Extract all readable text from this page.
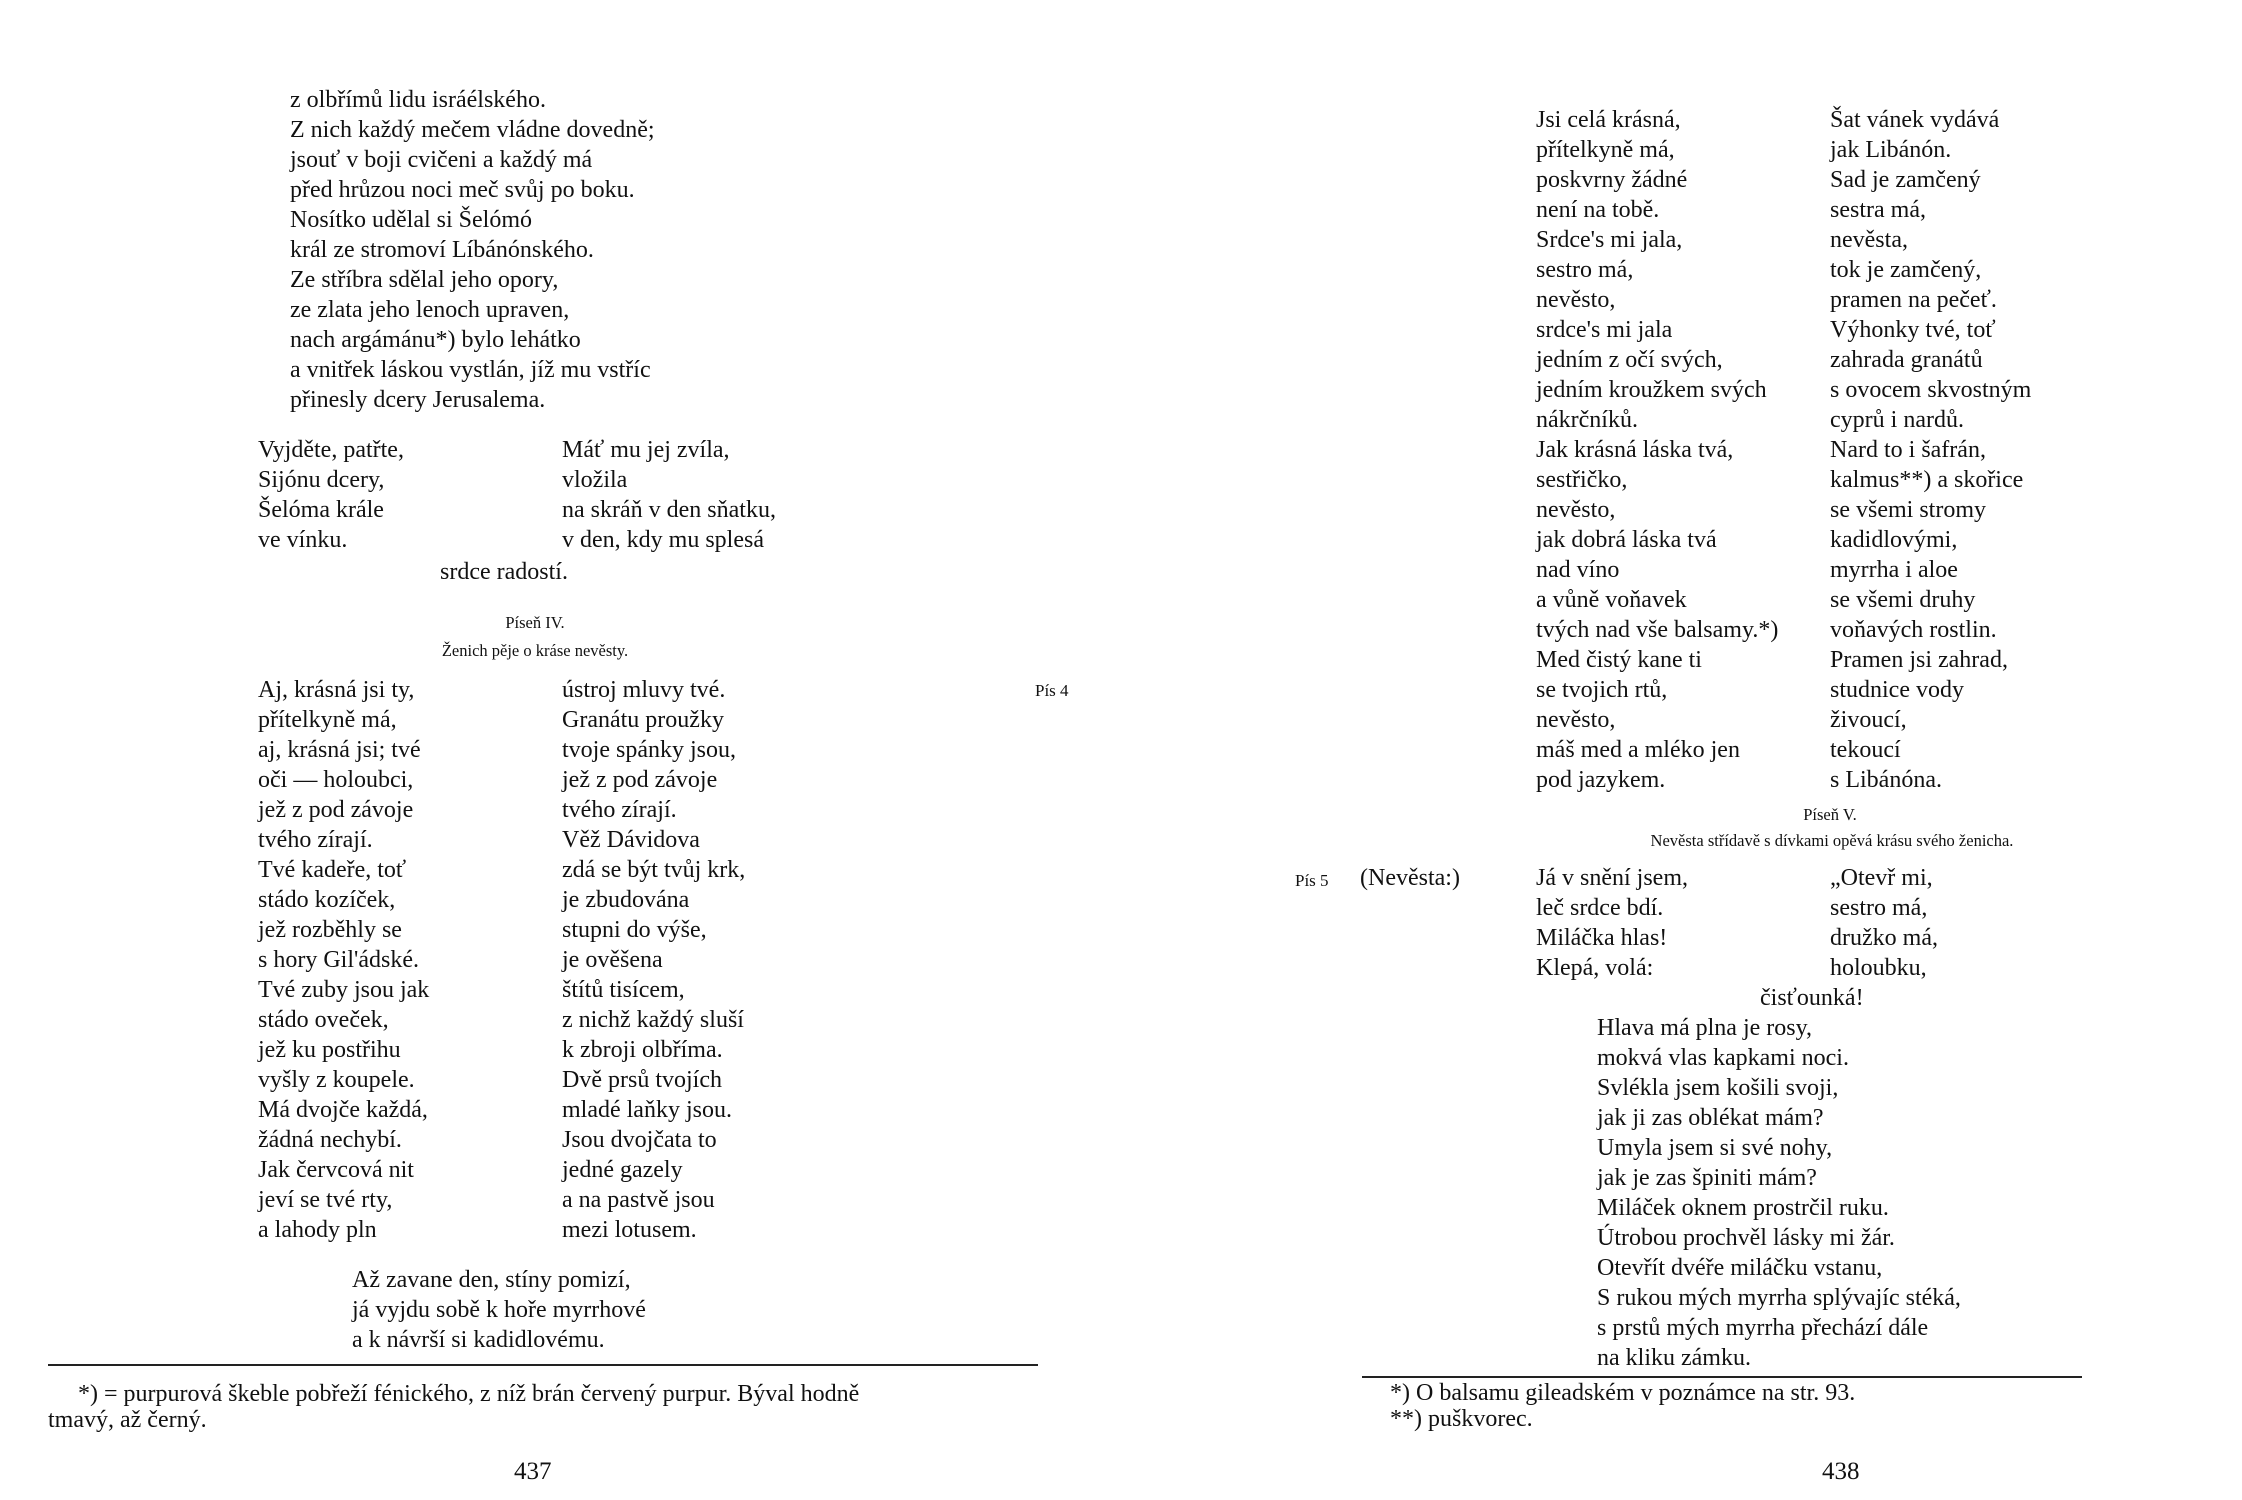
z olbřímů lidu isráélského.
Z nich každý mečem vládne dovedně;
jsouť v boji cvičeni a každý má
před hrůzou noci meč svůj po boku.
Nosítko udělal si Šelómó
král ze stromoví Líbánónského.
Ze stříbra sdělal jeho opory,
ze zlata jeho lenoch upraven,
nach argámánu*) bylo lehátko
a vnitřek láskou vystlán, jíž mu vstříc
přinesly dcery Jerusalema.
Vyjděte, patřte,
Sijónu dcery,
Šelóma krále
ve vínku.
Máť mu jej zvíla,
vložila
na skráň v den sňatku,
v den, kdy mu splesá
srdce radostí.
Píseň IV.
Ženich pěje o kráse nevěsty.
Pís 4
Aj, krásná jsi ty,
přítelkyně má,
aj, krásná jsi; tvé
oči — holoubci,
jež z pod závoje
tvého zírají.
Tvé kadeře, toť
stádo kozíček,
jež rozběhly se
s hory Gil'ádské.
Tvé zuby jsou jak
stádo oveček,
jež ku postřihu
vyšly z koupele.
Má dvojče každá,
žádná nechybí.
Jak červcová nit
jeví se tvé rty,
a lahody pln
ústroj mluvy tvé.
Granátu proužky
tvoje spánky jsou,
jež z pod závoje
tvého zírají.
Věž Dávidova
zdá se být tvůj krk,
je zbudována
stupni do výše,
je ověšena
štítů tisícem,
z nichž každý sluší
k zbroji olbříma.
Dvě prsů tvojích
mladé laňky jsou.
Jsou dvojčata to
jedné gazely
a na pastvě jsou
mezi lotusem.
Až zavane den, stíny pomizí,
já vyjdu sobě k hoře myrrhové
a k návrší si kadidlovému.
*) = purpurová škeble pobřeží fénického, z níž brán červený purpur. Býval hodně
tmavý, až černý.
437
Jsi celá krásná,
přítelkyně má,
poskvrny žádné
není na tobě.
Srdce's mi jala,
sestro má,
nevěsto,
srdce's mi jala
jedním z očí svých,
jedním kroužkem svých
nákrčníků.
Jak krásná láska tvá,
sestřičko,
nevěsto,
jak dobrá láska tvá
nad víno
a vůně voňavek
tvých nad vše balsamy.*)
Med čistý kane ti
se tvojich rtů,
nevěsto,
máš med a mléko jen
pod jazykem.
Šat vánek vydává
jak Libánón.
Sad je zamčený
sestra má,
nevěsta,
tok je zamčený,
pramen na pečeť.
Výhonky tvé, toť
zahrada granátů
s ovocem skvostným
cyprů i nardů.
Nard to i šafrán,
kalmus**) a skořice
se všemi stromy
kadidlovými,
myrrha i aloe
se všemi druhy
voňavých rostlin.
Pramen jsi zahrad,
studnice vody
živoucí,
tekoucí
s Libánóna.
Píseň V.
Nevěsta střídavě s dívkami opěvá krásu svého ženicha.
Pís 5 (Nevěsta:)	Já v snění jsem,
leč srdce bdí.
Miláčka hlas!
Klepá, volá:
„Otevř mi,
sestro má,
družko má,
holoubku,
čisťounká!
Hlava má plna je rosy,
mokvá vlas kapkami noci.
Svlékla jsem košili svoji,
jak ji zas oblékat mám?
Umyla jsem si své nohy,
jak je zas špiniti mám?
Miláček oknem prostrčil ruku.
Útrobou prochvěl lásky mi žár.
Otevřít dvéře miláčku vstanu,
S rukou mých myrrha splývajíc stéká,
s prstů mých myrrha přechází dále
na kliku zámku.
*) O balsamu gileadském v poznámce na str. 93.
**) puškvorec.
438
